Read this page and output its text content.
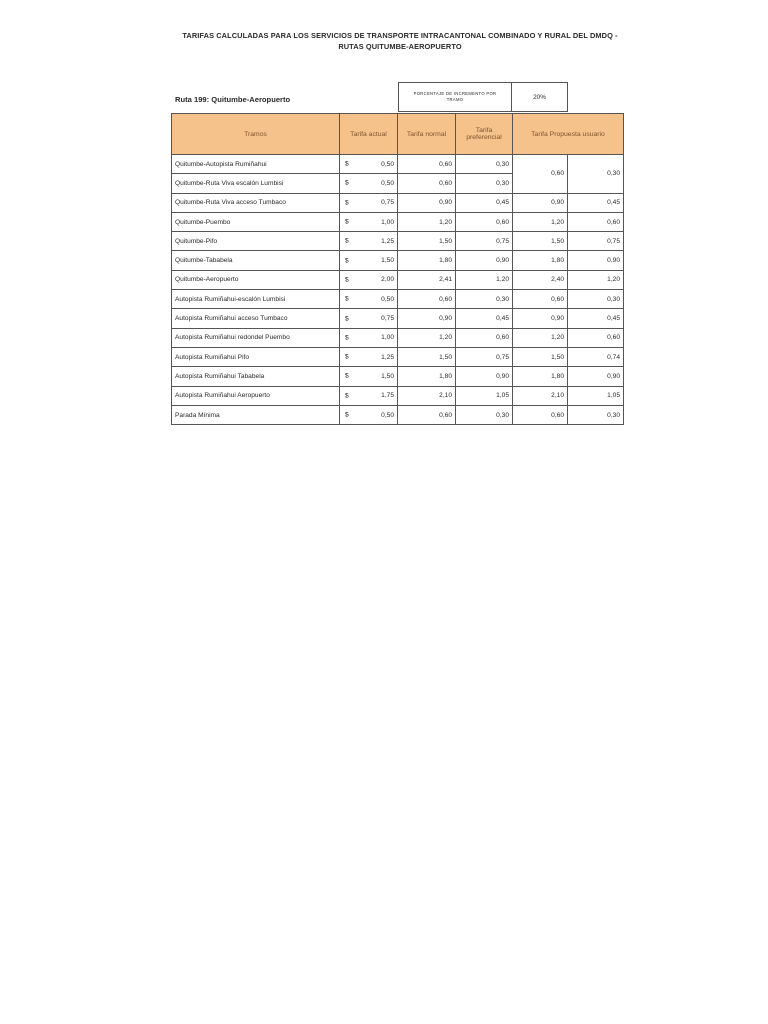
TARIFAS CALCULADAS PARA LOS SERVICIOS DE TRANSPORTE INTRACANTONAL COMBINADO Y RURAL DEL DMDQ -
RUTAS QUITUMBE-AEROPUERTO
Ruta 199: Quitumbe-Aeropuerto
PORCENTAJE DE INCREMENTO POR TRAMO	20%
Tramos	Tarifa actual	Tarifa normal	Tarifa preferencial	Tarifa Propuesta usuario	
Quitumbe-Autopista Rumiñahui	$ 0,50	0,60	0,30	0,60	0,30
Quitumbe-Ruta Viva escalón Lumbisi	$ 0,50	0,60	0,30		
Quitumbe-Ruta Viva acceso Tumbaco	$ 0,75	0,90	0,45	0,90	0,45
Quitumbe-Puembo	$ 1,00	1,20	0,60	1,20	0,60
Quitumbe-Pifo	$ 1,25	1,50	0,75	1,50	0,75
Quitumbe-Tababela	$ 1,50	1,80	0,90	1,80	0,90
Quitumbe-Aeropuerto	$ 2,00	2,41	1,20	2,40	1,20
Autopista Rumiñahui-escalón Lumbisi	$ 0,50	0,60	0,30	0,60	0,30
Autopista Rumiñahui acceso Tumbaco	$ 0,75	0,90	0,45	0,90	0,45
Autopista Rumiñahui redondel Puembo	$ 1,00	1,20	0,60	1,20	0,60
Autopista Rumiñahui Pifo	$ 1,25	1,50	0,75	1,50	0,74
Autopista Rumiñahui Tababela	$ 1,50	1,80	0,90	1,80	0,90
Autopista Rumiñahui Aeropuerto	$ 1,75	2,10	1,05	2,10	1,05
Parada Mínima	$ 0,50	0,60	0,30	0,60	0,30
